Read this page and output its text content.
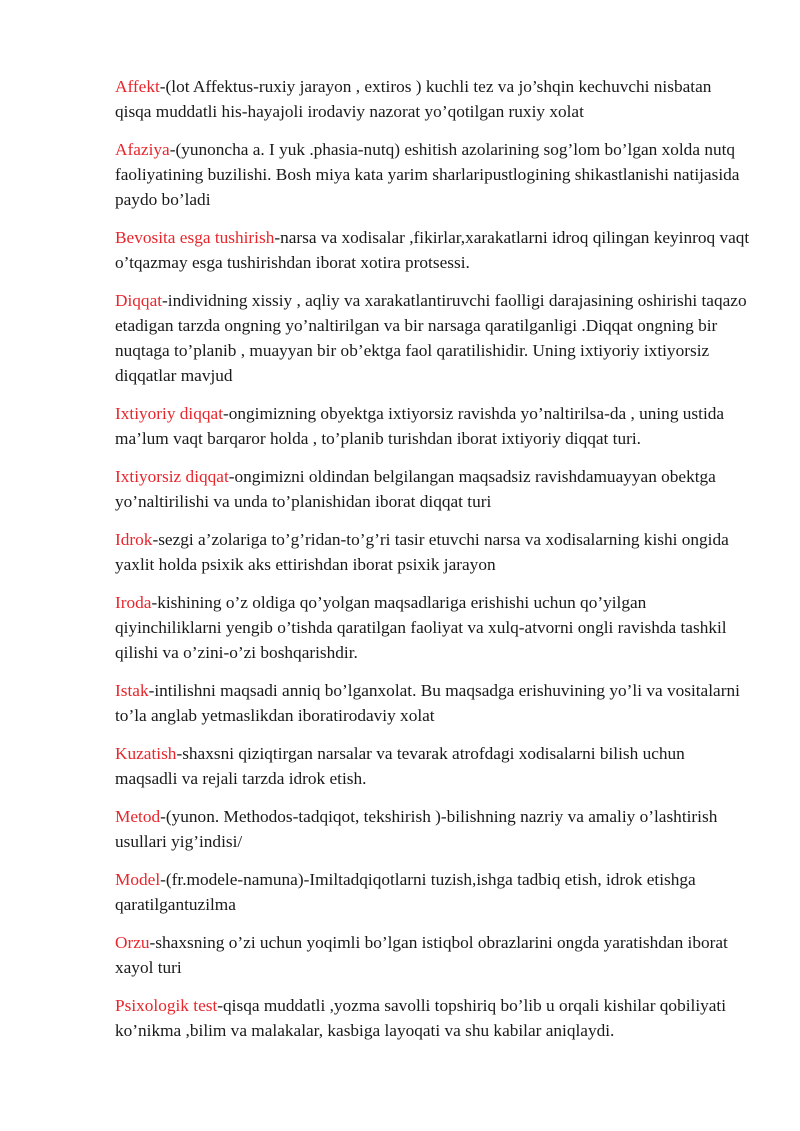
Affekt-(lot Affektus-ruxiy jarayon , extiros ) kuchli tez va jo’shqin kechuvchi nisbatan qisqa muddatli his-hayajoli irodaviy nazorat yo’qotilgan ruxiy xolat

Afaziya-(yunoncha a. I yuk .phasia-nutq) eshitish azolarining sog’lom bo’lgan xolda nutq faoliyatining buzilishi. Bosh miya kata yarim sharlaripustlogining shikastlanishi natijasida paydo bo’ladi

Bevosita esga tushirish-narsa va xodisalar ,fikirlar,xarakatlarni idroq qilingan keyinroq vaqt o’tqazmay esga tushirishdan iborat xotira protsessi.

Diqqat-individning xissiy , aqliy va xarakatlantiruvchi faolligi darajasining oshirishi taqazo etadigan tarzda ongning yo’naltirilgan va bir narsaga qaratilganligi .Diqqat ongning bir nuqtaga to’planib , muayyan bir ob’ektga faol qaratilishidir. Uning ixtiyoriy ixtiyorsiz diqqatlar mavjud

Ixtiyoriy diqqat-ongimizning obyektga ixtiyorsiz ravishda yo’naltirilsa-da , uning ustida ma’lum vaqt barqaror holda , to’planib turishdan iborat ixtiyoriy diqqat turi.

Ixtiyorsiz diqqat-ongimizni oldindan belgilangan maqsadsiz ravishdamuayyan obektga yo’naltirilishi va unda to’planishidan iborat diqqat turi

Idrok-sezgi a’zolariga to’g’ridan-to’g’ri tasir etuvchi narsa va xodisalarning kishi ongida yaxlit holda psixik aks ettirishdan iborat psixik jarayon

Iroda-kishining o’z oldiga qo’yolgan maqsadlariga erishishi uchun qo’yilgan qiyinchiliklarni yengib o’tishda qaratilgan faoliyat va xulq-atvorni ongli ravishda tashkil qilishi va o’zini-o’zi boshqarishdir.

Istak-intilishni maqsadi anniq bo’lganxolat. Bu maqsadga erishuvining yo’li va vositalarni to’la anglab yetmaslikdan iboratirodaviy xolat

Kuzatish-shaxsni qiziqtirgan narsalar va tevarak atrofdagi xodisalarni bilish uchun maqsadli va rejali tarzda idrok etish.

Metod-(yunon. Methodos-tadqiqot, tekshirish )-bilishning nazriy va amaliy o’lashtirish usullari yig’indisi/

Model-(fr.modele-namuna)-Imiltadqiqotlarni tuzish,ishga tadbiq etish, idrok etishga qaratilgantuzilma

Orzu-shaxsning o’zi uchun yoqimli bo’lgan istiqbol obrazlarini ongda yaratishdan iborat xayol turi

Psixologik test-qisqa muddatli ,yozma savolli topshiriq bo’lib u orqali kishilar qobiliyati ko’nikma ,bilim va malakalar, kasbiga layoqati va shu kabilar aniqlaydi.
